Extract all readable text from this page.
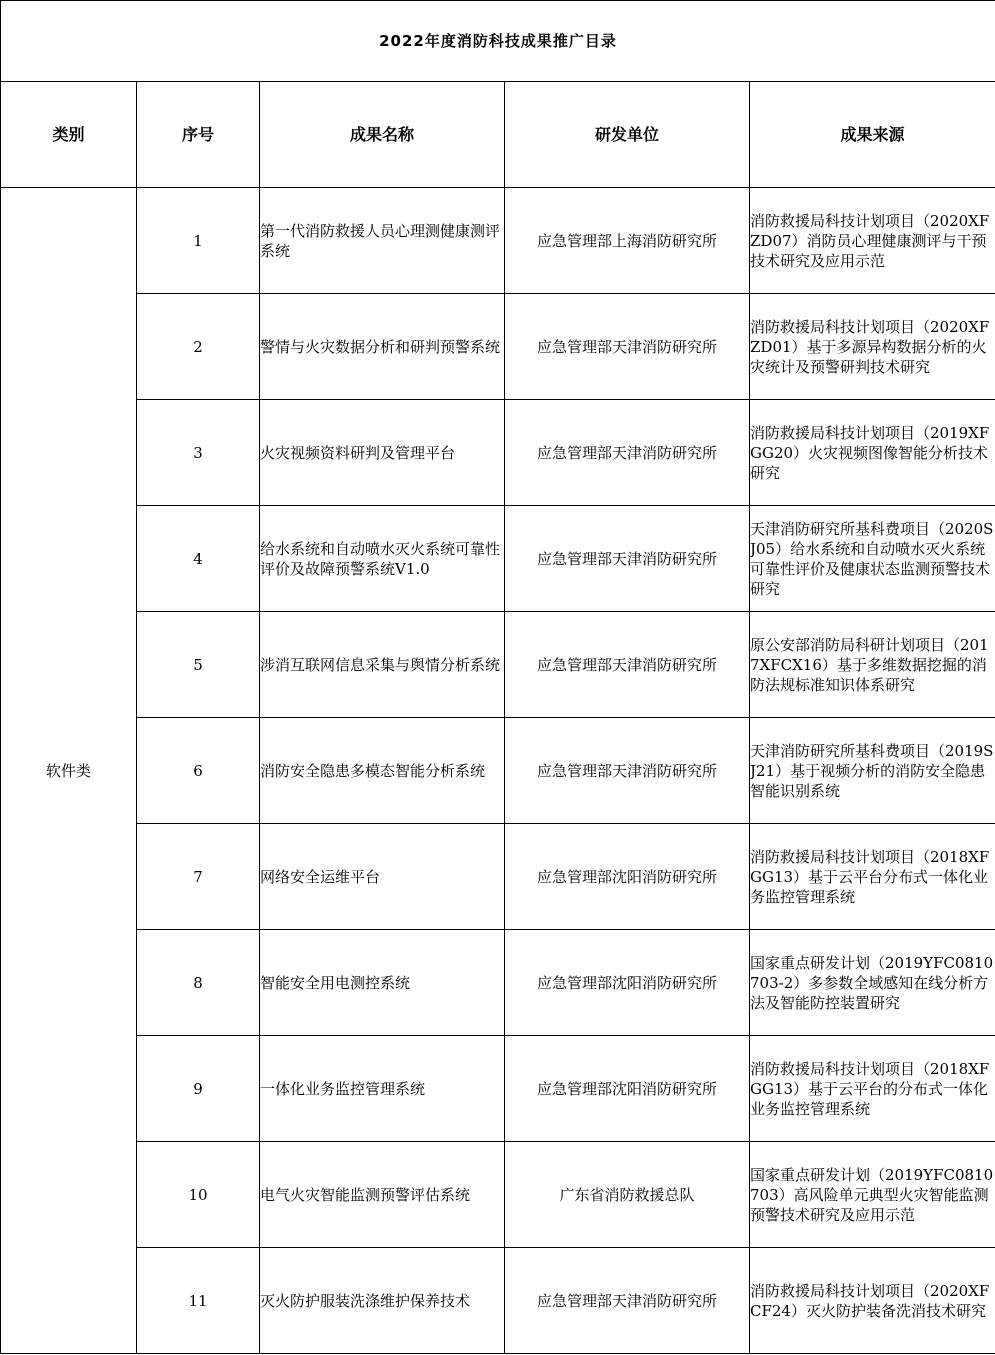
2022年度消防科技成果推广目录				
类别	序号	成果名称	研发单位	成果来源
软件类	1	第一代消防救援人员心理测健康测评系统	应急管理部上海消防研究所	消防救援局科技计划项目（2020XFZD07）消防员心理健康测评与干预技术研究及应用示范

	2	警情与火灾数据分析和研判预警系统	应急管理部天津消防研究所	消防救援局科技计划项目（2020XFZD01）基于多源异构数据分析的火灾统计及预警研判技术研究

	3	火灾视频资料研判及管理平台	应急管理部天津消防研究所	消防救援局科技计划项目（2019XFGG20）火灾视频图像智能分析技术研究

	4	给水系统和自动喷水灭火系统可靠性评价及故障预警系统V1.0	应急管理部天津消防研究所	天津消防研究所基科费项目（2020SJ05）给水系统和自动喷水灭火系统可靠性评价及健康状态监测预警技术研究

	5	涉消互联网信息采集与舆情分析系统	应急管理部天津消防研究所	原公安部消防局科研计划项目（2017XFCX16）基于多维数据挖掘的消防法规标准知识体系研究

	6	消防安全隐患多模态智能分析系统	应急管理部天津消防研究所	天津消防研究所基科费项目（2019SJ21）基于视频分析的消防安全隐患智能识别系统

	7	网络安全运维平台	应急管理部沈阳消防研究所	消防救援局科技计划项目（2018XFGG13）基于云平台分布式一体化业务监控管理系统

	8	智能安全用电测控系统	应急管理部沈阳消防研究所	国家重点研发计划（2019YFC0810703-2）多参数全域感知在线分析方法及智能防控装置研究

	9	一体化业务监控管理系统	应急管理部沈阳消防研究所	消防救援局科技计划项目（2018XFGG13）基于云平台的分布式一体化业务监控管理系统

	10	电气火灾智能监测预警评估系统	广东省消防救援总队	国家重点研发计划（2019YFC0810703）高风险单元典型火灾智能监测预警技术研究及应用示范

	11	灭火防护服装洗涤维护保养技术	应急管理部天津消防研究所	消防救援局科技计划项目（2020XFCF24）灭火防护装备洗消技术研究
